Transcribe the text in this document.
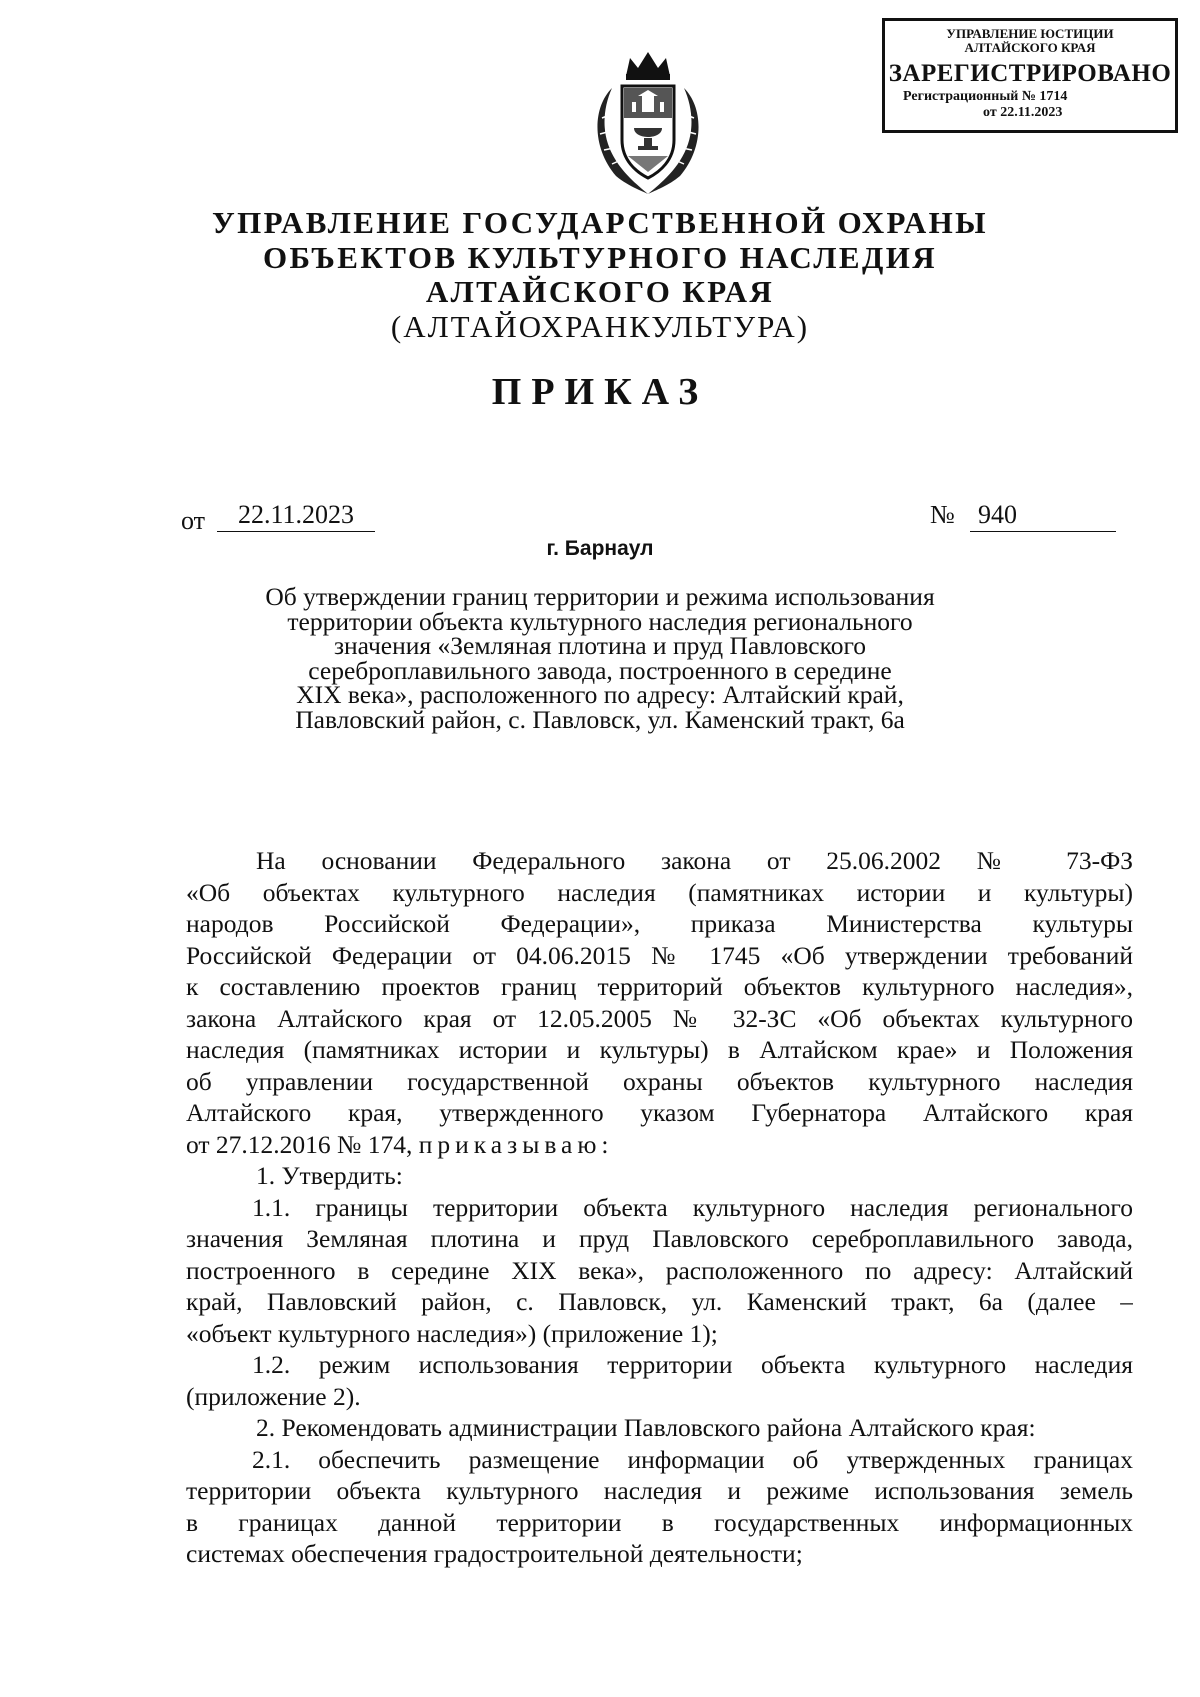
УПРАВЛЕНИЕ ЮСТИЦИИ
АЛТАЙСКОГО КРАЯ
ЗАРЕГИСТРИРОВАНО
Регистрационный № 1714
от 22.11.2023
УПРАВЛЕНИЕ ГОСУДАРСТВЕННОЙ ОХРАНЫ
ОБЪЕКТОВ КУЛЬТУРНОГО НАСЛЕДИЯ
АЛТАЙСКОГО КРАЯ
(АЛТАЙОХРАНКУЛЬТУРА)
ПРИКАЗ
от	22.11.2023	№ 940
г. Барнаул
Об утверждении границ территории и режима использования
территории объекта культурного наследия регионального
значения «Земляная плотина и пруд Павловского
сереброплавильного завода, построенного в середине
XIX века», расположенного по адресу: Алтайский край,
Павловский район, с. Павловск, ул. Каменский тракт, 6а
На основании Федерального закона от 25.06.2002 № 73-ФЗ
«Об объектах культурного наследия (памятниках истории и культуры)
народов Российской Федерации», приказа Министерства культуры
Российской Федерации от 04.06.2015 № 1745 «Об утверждении требований
к составлению проектов границ территорий объектов культурного наследия»,
закона Алтайского края от 12.05.2005 № 32-ЗС «Об объектах культурного
наследия (памятниках истории и культуры) в Алтайском крае» и Положения
об управлении государственной охраны объектов культурного наследия
Алтайского края, утвержденного указом Губернатора Алтайского края
от 27.12.2016 № 174, приказываю:
1. Утвердить:
1.1. границы территории объекта культурного наследия регионального
значения Земляная плотина и пруд Павловского сереброплавильного завода,
построенного в середине XIX века», расположенного по адресу: Алтайский
край, Павловский район, с. Павловск, ул. Каменский тракт, 6а (далее –
«объект культурного наследия») (приложение 1);
1.2. режим использования территории объекта культурного наследия
(приложение 2).
2. Рекомендовать администрации Павловского района Алтайского края:
2.1. обеспечить размещение информации об утвержденных границах
территории объекта культурного наследия и режиме использования земель
в границах данной территории в государственных информационных
системах обеспечения градостроительной деятельности;
